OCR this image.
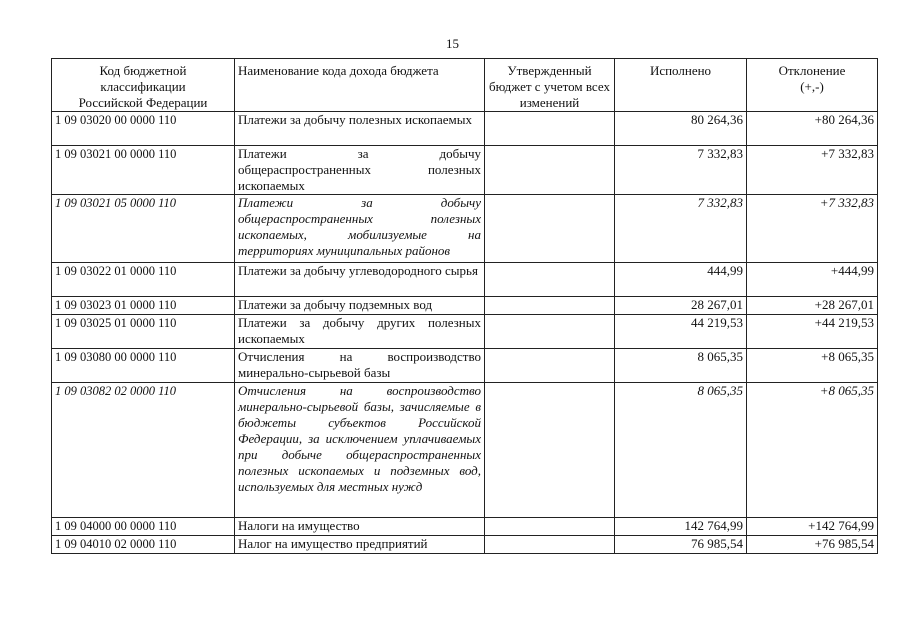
15
Код бюджетной классификации Российской Федерации	Наименование кода дохода бюджета	Утвержденный бюджет с учетом всех изменений	Исполнено	Отклонение (+,-)
1 09 03020 00 0000 110	Платежи за добычу полезных ископаемых		80 264,36	+80 264,36
1 09 03021 00 0000 110	Платежи за добычу общераспространенных полезных ископаемых		7 332,83	+7 332,83
1 09 03021 05 0000 110	Платежи за добычу общераспространенных полезных ископаемых, мобилизуемые на территориях муниципальных районов		7 332,83	+7 332,83
1 09 03022 01 0000 110	Платежи за добычу углеводородного сырья		444,99	+444,99
1 09 03023 01 0000 110	Платежи за добычу подземных вод		28 267,01	+28 267,01
1 09 03025 01 0000 110	Платежи за добычу других полезных ископаемых		44 219,53	+44 219,53
1 09 03080 00 0000 110	Отчисления на воспроизводство минерально-сырьевой базы		8 065,35	+8 065,35
1 09 03082 02 0000 110	Отчисления на воспроизводство минерально-сырьевой базы, зачисляемые в бюджеты субъектов Российской Федерации, за исключением уплачиваемых при добыче общераспространенных полезных ископаемых и подземных вод, используемых для местных нужд		8 065,35	+8 065,35
1 09 04000 00 0000 110	Налоги на имущество		142 764,99	+142 764,99
1 09 04010 02 0000 110	Налог на имущество предприятий		76 985,54	+76 985,54
